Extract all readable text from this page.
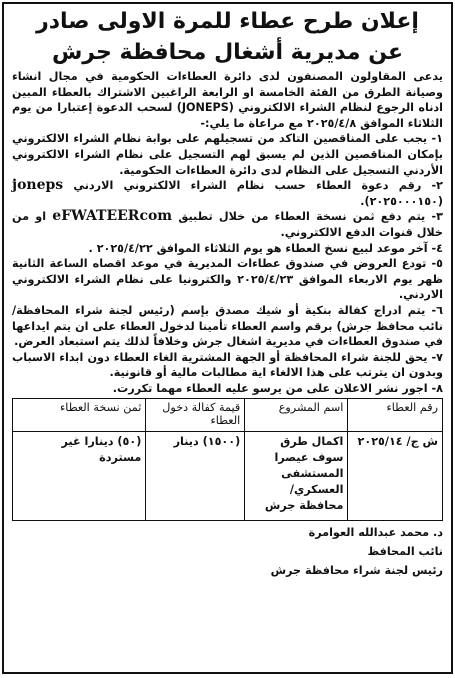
إعلان طرح عطاء للمرة الاولى صادر
عن مديرية أشغال محافظة جرش

يدعى المقاولون المصنفون لدى دائرة العطاءات الحكومية في مجال انشاء وصيانة الطرق من الفئة الخامسة او الرابعة الراغبين الاشتراك بالعطاء المبين ادناه الرجوع لنظام الشراء الالكتروني (JONEPS) لسحب الدعوة إعتبارا من يوم الثلاثاء الموافق ٢٠٢٥/٤/٨ مع مراعاة ما يلي:-

١- يجب على المناقصين التاكد من تسجيلهم على بوابة نظام الشراء الالكتروني بإمكان المناقصين الذين لم يسبق لهم التسجيل على نظام الشراء الالكتروني الأردني التسجيل على النظام لدى دائرة العطاءات الحكومية.

٢- رقم دعوة العطاء حسب نظام الشراء الالكتروني الاردني joneps (٢٠٢٥٠٠٠١٥٠).

٣- يتم دفع ثمن نسخة العطاء من خلال تطبيق eFWATEERcom او من خلال قنوات الدفع الالكتروني.

٤- آخر موعد لبيع نسخ العطاء هو يوم الثلاثاء الموافق ٢٠٢٥/٤/٢٢ .

٥- تودع العروض في صندوق عطاءات المديرية في موعد اقصاه الساعة الثانية ظهر يوم الاربعاء الموافق ٢٠٢٥/٤/٢٣ والكترونيا على نظام الشراء الالكتروني الاردني.

٦- يتم ادراج كفالة بنكية أو شيك مصدق بإسم (رئيس لجنة شراء المحافظة/ نائب محافظ جرش) برقم واسم العطاء تأمينا لدخول العطاء على ان يتم ايداعها في صندوق العطاءات في مديرية اشغال جرش وخلافاً لذلك يتم استبعاد العرض.

٧- يحق للجنة شراء المحافظة أو الجهة المشترية الغاء العطاء دون ابداء الاسباب وبدون ان يترتب على هذا الالغاء اية مطالبات مالية أو قانونية.

٨- اجور نشر الاعلان على من يرسو عليه العطاء مهما تكررت.

رقم العطاء	اسم المشروع	قيمة كفالة دخول العطاء	ثمن نسخة العطاء
ش ج/ ٢٠٢٥/١٤	اكمال طرق سوف عيصرا المستشفى العسكري/ محافظة جرش	(١٥٠٠) دينار	(٥٠) دينارا غير مستردة
د. محمد عبدالله العوامرة
نائب المحافظ
رئيس لجنة شراء محافظة جرش
